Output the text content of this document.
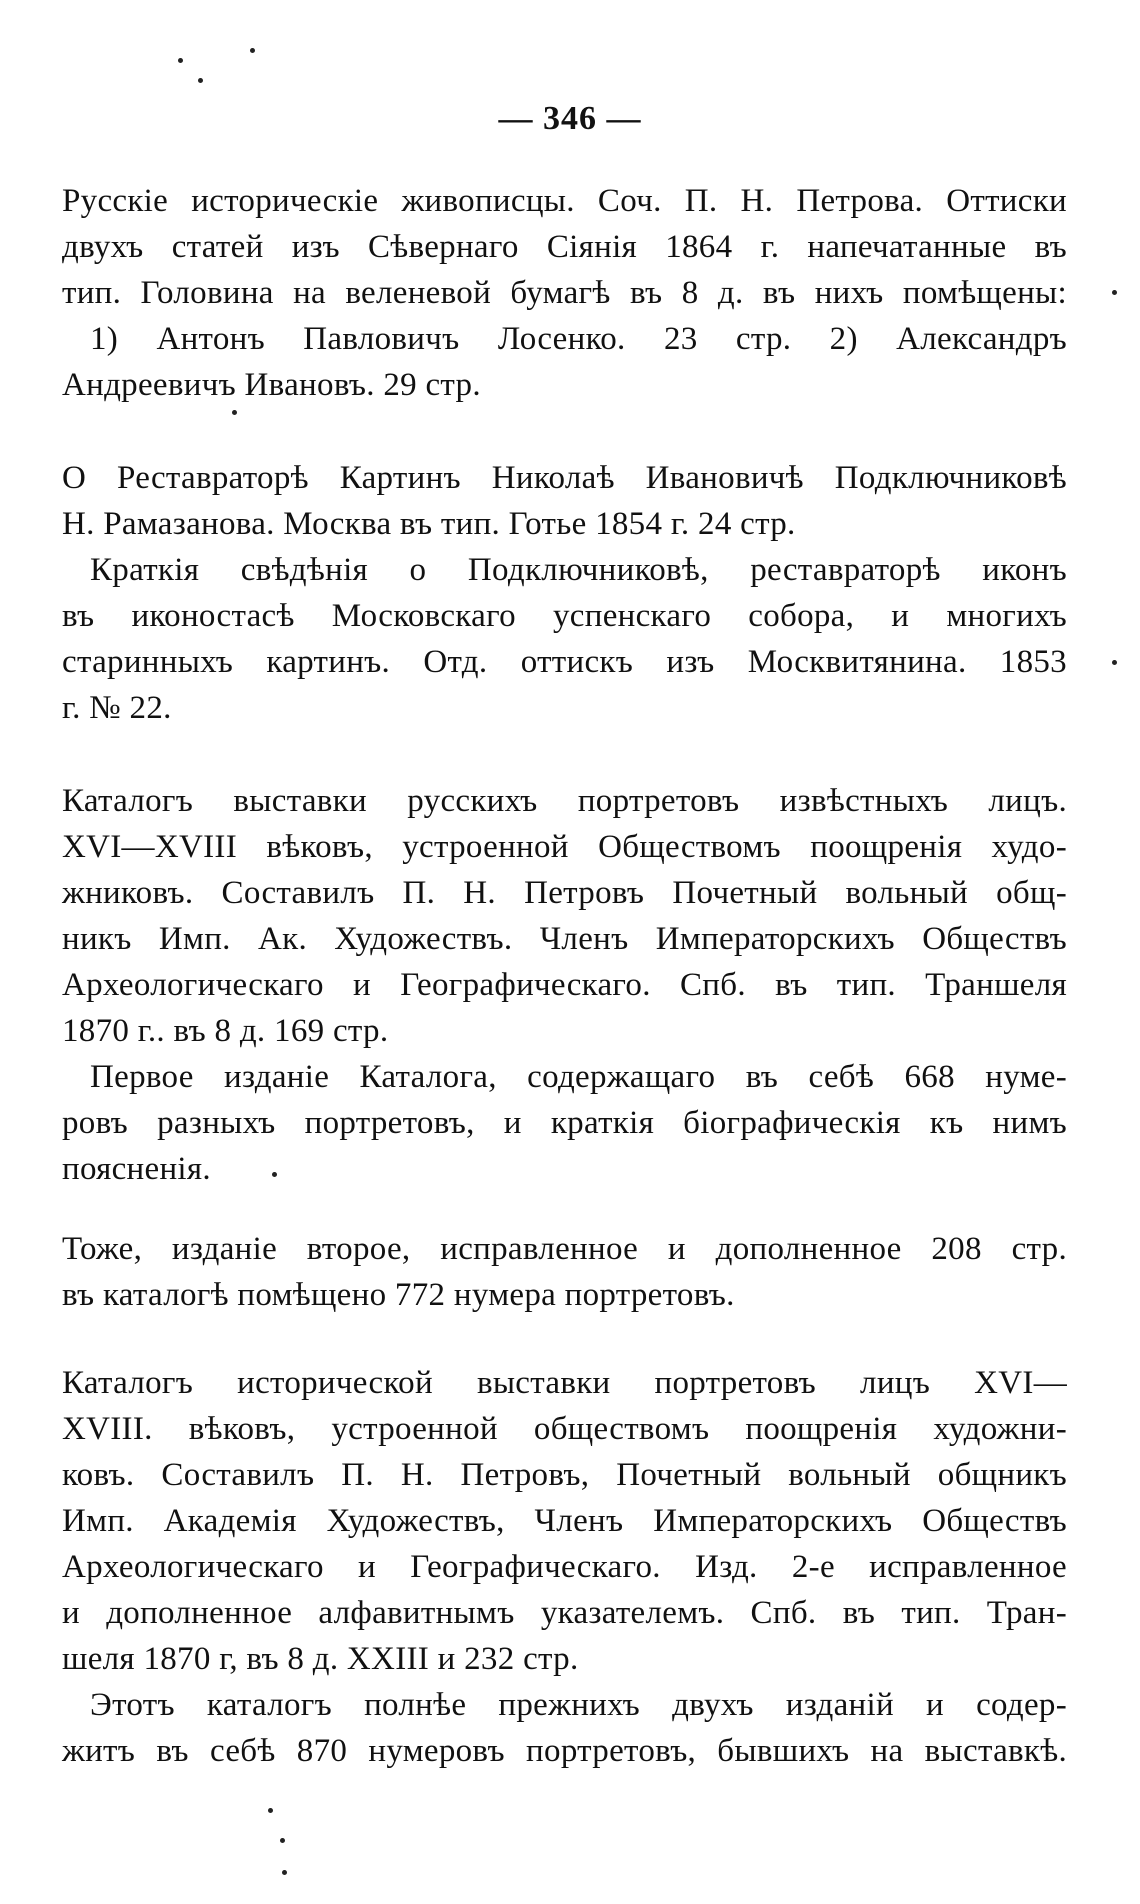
— 346 —
Русскіе историческіе живописцы. Соч. П. Н. Петрова. Оттиски
двухъ статей изъ Сѣвернаго Сіянія 1864 г. напечатанные въ
тип. Головина на веленевой бумагѣ въ 8 д. въ нихъ помѣщены:
1) Антонъ Павловичъ Лосенко. 23 стр. 2) Александръ
Андреевичъ Ивановъ. 29 стр.
О Реставраторѣ Картинъ Николаѣ Ивановичѣ Подключниковѣ
Н. Рамазанова. Москва въ тип. Готье 1854 г. 24 стр.
Краткія свѣдѣнія о Подключниковѣ, реставраторѣ иконъ
въ иконостасѣ Московскаго успенскаго собора, и многихъ
старинныхъ картинъ. Отд. оттискъ изъ Москвитянина. 1853
г. № 22.
Каталогъ выставки русскихъ портретовъ извѣстныхъ лицъ.
XVI—XVIII вѣковъ, устроенной Обществомъ поощренія худо-
жниковъ. Составилъ П. Н. Петровъ Почетный вольный общ-
никъ Имп. Ак. Художествъ. Членъ Императорскихъ Обществъ
Археологическаго и Географическаго. Спб. въ тип. Траншеля
1870 г.. въ 8 д. 169 стр.
Первое изданіе Каталога, содержащаго въ себѣ 668 нуме-
ровъ разныхъ портретовъ, и краткія біографическія къ нимъ
поясненія.
Тоже, изданіе второе, исправленное и дополненное 208 стр.
въ каталогѣ помѣщено 772 нумера портретовъ.
Каталогъ исторической выставки портретовъ лицъ XVI—
XVIII. вѣковъ, устроенной обществомъ поощренія художни-
ковъ. Составилъ П. Н. Петровъ, Почетный вольный общникъ
Имп. Академія Художествъ, Членъ Императорскихъ Обществъ
Археологическаго и Географическаго. Изд. 2-е исправленное
и дополненное алфавитнымъ указателемъ. Спб. въ тип. Тран-
шеля 1870 г, въ 8 д. XXIII и 232 стр.
Этотъ каталогъ полнѣе прежнихъ двухъ изданій и содер-
житъ въ себѣ 870 нумеровъ портретовъ, бывшихъ на выставкѣ.
